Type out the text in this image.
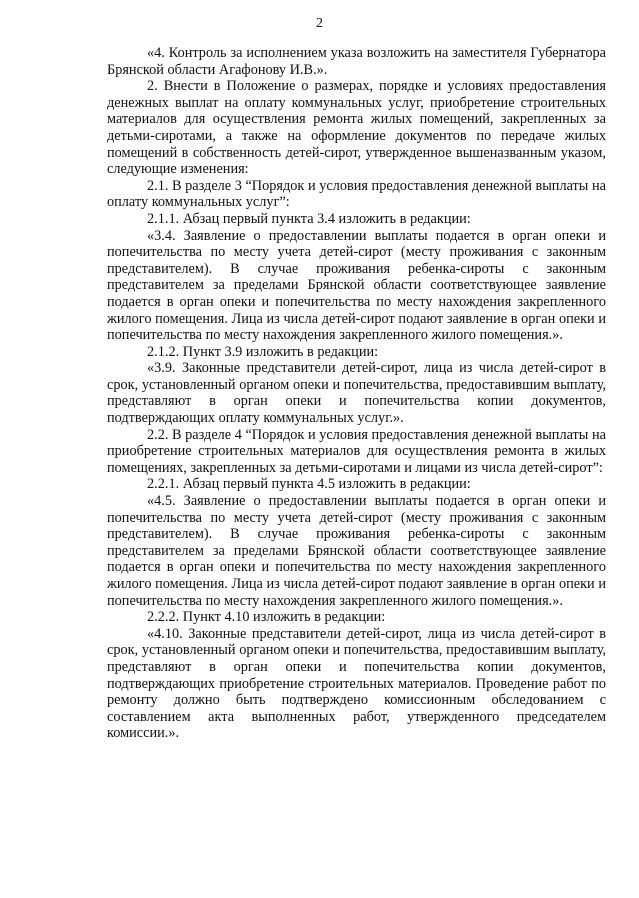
2

«4. Контроль за исполнением указа возложить на заместителя Губернатора Брянской области Агафонову И.В.».

2. Внести в Положение о размерах, порядке и условиях предоставления денежных выплат на оплату коммунальных услуг, приобретение строительных материалов для осуществления ремонта жилых помещений, закрепленных за детьми-сиротами, а также на оформление документов по передаче жилых помещений в собственность детей-сирот, утвержденное вышеназванным указом, следующие изменения:

2.1. В разделе 3 “Порядок и условия предоставления денежной выплаты на оплату коммунальных услуг”:

2.1.1. Абзац первый пункта 3.4 изложить в редакции:

«3.4. Заявление о предоставлении выплаты подается в орган опеки и попечительства по месту учета детей-сирот (месту проживания с законным представителем). В случае проживания ребенка-сироты с законным представителем за пределами Брянской области соответствующее заявление подается в орган опеки и попечительства по месту нахождения закрепленного жилого помещения. Лица из числа детей-сирот подают заявление в орган опеки и попечительства по месту нахождения закрепленного жилого помещения.».

2.1.2. Пункт 3.9 изложить в редакции:

«3.9. Законные представители детей-сирот, лица из числа детей-сирот в срок, установленный органом опеки и попечительства, предоставившим выплату, представляют в орган опеки и попечительства копии документов, подтверждающих оплату коммунальных услуг.».

2.2. В разделе 4 “Порядок и условия предоставления денежной выплаты на приобретение строительных материалов для осуществления ремонта в жилых помещениях, закрепленных за детьми-сиротами и лицами из числа детей-сирот”:

2.2.1. Абзац первый пункта 4.5 изложить в редакции:

«4.5. Заявление о предоставлении выплаты подается в орган опеки и попечительства по месту учета детей-сирот (месту проживания с законным представителем). В случае проживания ребенка-сироты с законным представителем за пределами Брянской области соответствующее заявление подается в орган опеки и попечительства по месту нахождения закрепленного жилого помещения. Лица из числа детей-сирот подают заявление в орган опеки и попечительства по месту нахождения закрепленного жилого помещения.».

2.2.2. Пункт 4.10 изложить в редакции:

«4.10. Законные представители детей-сирот, лица из числа детей-сирот в срок, установленный органом опеки и попечительства, предоставившим выплату, представляют в орган опеки и попечительства копии документов, подтверждающих приобретение строительных материалов. Проведение работ по ремонту должно быть подтверждено комиссионным обследованием с составлением акта выполненных работ, утвержденного председателем комиссии.».
